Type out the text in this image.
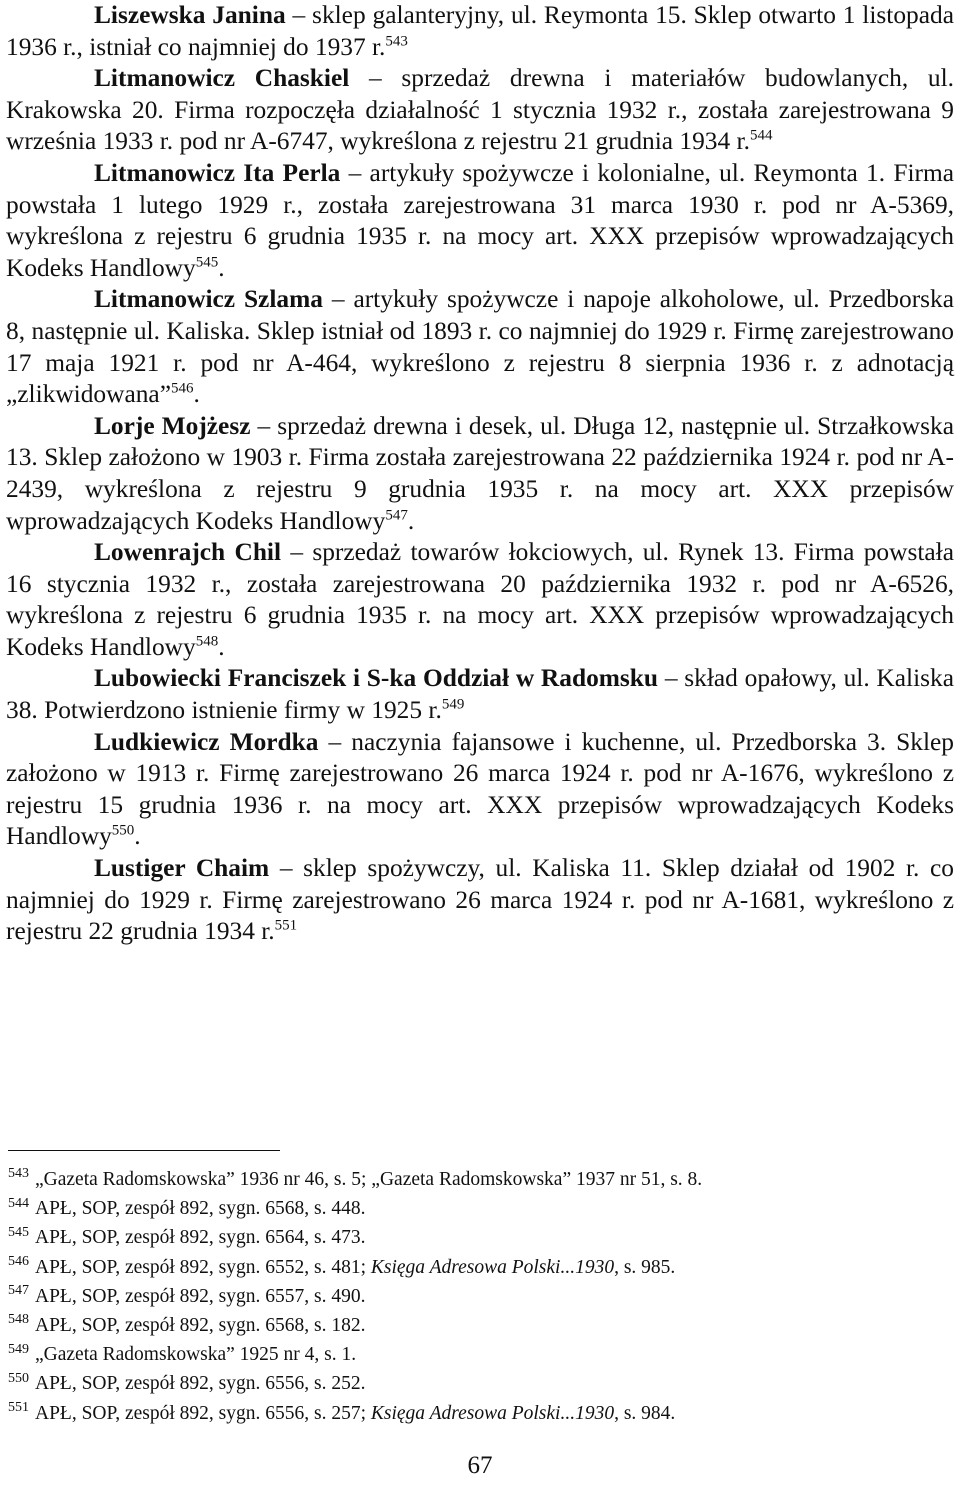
Liszewska Janina – sklep galanteryjny, ul. Reymonta 15. Sklep otwarto 1 listopada 1936 r., istniał co najmniej do 1937 r.$^{543}$

Litmanowicz Chaskiel – sprzedaż drewna i materiałów budowlanych, ul. Krakowska 20. Firma rozpoczęła działalność 1 stycznia 1932 r., została zarejestrowana 9 września 1933 r. pod nr A-6747, wykreślona z rejestru 21 grudnia 1934 r.$^{544}$

Litmanowicz Ita Perla – artykuły spożywcze i kolonialne, ul. Reymonta 1. Firma powstała 1 lutego 1929 r., została zarejestrowana 31 marca 1930 r. pod nr A-5369, wykreślona z rejestru 6 grudnia 1935 r. na mocy art. XXX przepisów wprowadzających Kodeks Handlowy$^{545}$.

Litmanowicz Szlama – artykuły spożywcze i napoje alkoholowe, ul. Przedborska 8, następnie ul. Kaliska. Sklep istniał od 1893 r. co najmniej do 1929 r. Firmę zarejestrowano 17 maja 1921 r. pod nr A-464, wykreślono z rejestru 8 sierpnia 1936 r. z adnotacją „zlikwidowana”$^{546}$.

Lorje Mojżesz – sprzedaż drewna i desek, ul. Długa 12, następnie ul. Strzałkowska 13. Sklep założono w 1903 r. Firma została zarejestrowana 22 października 1924 r. pod nr A-2439, wykreślona z rejestru 9 grudnia 1935 r. na mocy art. XXX przepisów wprowadzających Kodeks Handlowy$^{547}$.

Lowenrajch Chil – sprzedaż towarów łokciowych, ul. Rynek 13. Firma powstała 16 stycznia 1932 r., została zarejestrowana 20 października 1932 r. pod nr A-6526, wykreślona z rejestru 6 grudnia 1935 r. na mocy art. XXX przepisów wprowadzających Kodeks Handlowy$^{548}$.

Lubowiecki Franciszek i S-ka Oddział w Radomsku – skład opałowy, ul. Kaliska 38. Potwierdzono istnienie firmy w 1925 r.$^{549}$

Ludkiewicz Mordka – naczynia fajansowe i kuchenne, ul. Przedborska 3. Sklep założono w 1913 r. Firmę zarejestrowano 26 marca 1924 r. pod nr A-1676, wykreślono z rejestru 15 grudnia 1936 r. na mocy art. XXX przepisów wprowadzających Kodeks Handlowy$^{550}$.

Lustiger Chaim – sklep spożywczy, ul. Kaliska 11. Sklep działał od 1902 r. co najmniej do 1929 r. Firmę zarejestrowano 26 marca 1924 r. pod nr A-1681, wykreślono z rejestru 22 grudnia 1934 r.$^{551}$

$^{543}$ „Gazeta Radomskowska” 1936 nr 46, s. 5; „Gazeta Radomskowska” 1937 nr 51, s. 8.

$^{544}$ APŁ, SOP, zespół 892, sygn. 6568, s. 448.

$^{545}$ APŁ, SOP, zespół 892, sygn. 6564, s. 473.

$^{546}$ APŁ, SOP, zespół 892, sygn. 6552, s. 481; Księga Adresowa Polski...1930, s. 985.

$^{547}$ APŁ, SOP, zespół 892, sygn. 6557, s. 490.

$^{548}$ APŁ, SOP, zespół 892, sygn. 6568, s. 182.

$^{549}$ „Gazeta Radomskowska” 1925 nr 4, s. 1.

$^{550}$ APŁ, SOP, zespół 892, sygn. 6556, s. 252.

$^{551}$ APŁ, SOP, zespół 892, sygn. 6556, s. 257; Księga Adresowa Polski...1930, s. 984.

67
